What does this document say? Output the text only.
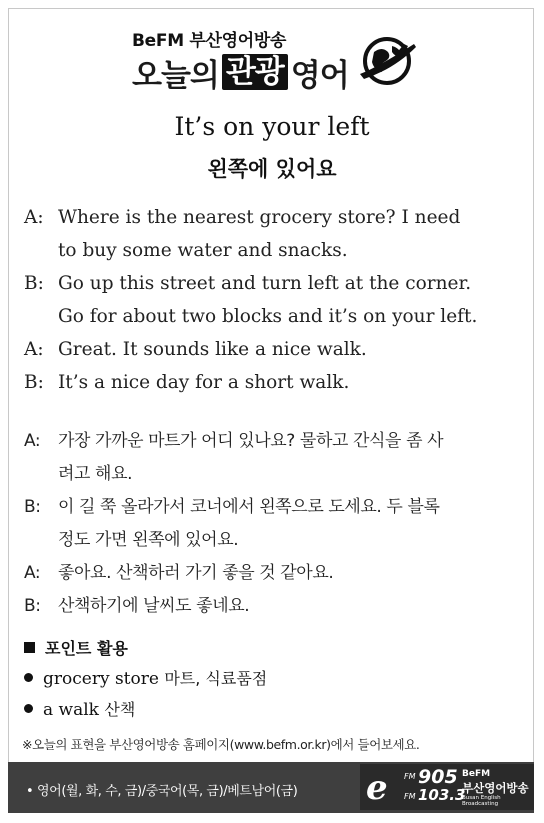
BeFM 부산영어방송
오늘의 관광 영어
It’s on your left
왼쪽에 있어요
A: Where is the nearest grocery store? I need
to buy some water and snacks.
B: Go up this street and turn left at the corner.
Go for about two blocks and it’s on your left.
A: Great. It sounds like a nice walk.
B: It’s a nice day for a short walk.
A: 가장 가까운 마트가 어디 있나요? 물하고 간식을 좀 사
려고 해요.
B: 이 길 쭉 올라가서 코너에서 왼쪽으로 도세요. 두 블록
정도 가면 왼쪽에 있어요.
A: 좋아요. 산책하러 가기 좋을 것 같아요.
B: 산책하기에 날씨도 좋네요.
포인트 활용
grocery store 마트, 식료품점
a walk 산책
※오늘의 표현을 부산영어방송 홈페이지(www.befm.or.kr)에서 들어보세요.
• 영어(월, 화, 수, 금)/중국어(목, 금)/베트남어(금) e FM
FM
905
103.3
BeFM
부산영어방송
Busan English Broadcasting
